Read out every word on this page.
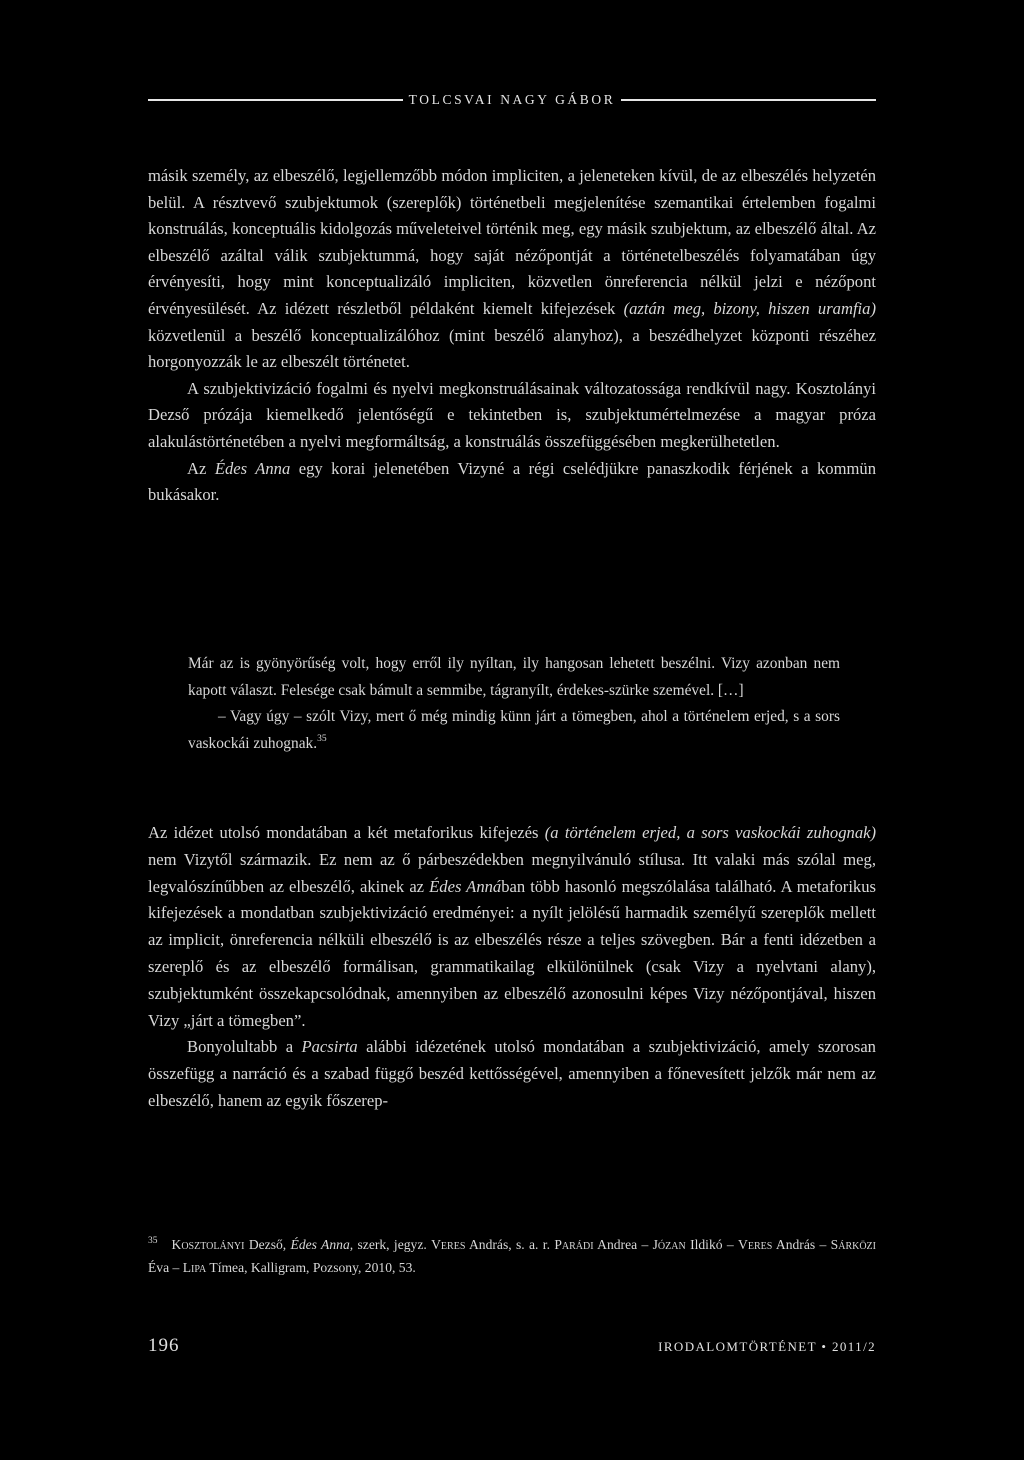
TOLCSVAI NAGY GÁBOR

másik személy, az elbeszélő, legjellemzőbb módon impliciten, a jeleneteken kívül, de az elbeszélés helyzetén belül. A résztvevő szubjektumok (szereplők) történetbeli megjelenítése szemantikai értelemben fogalmi konstruálás, konceptuális kidolgozás műveleteivel történik meg, egy másik szubjektum, az elbeszélő által. Az elbeszélő azáltal válik szubjektummá, hogy saját nézőpontját a történetelbeszélés folyamatában úgy érvényesíti, hogy mint konceptualizáló impliciten, közvetlen önreferencia nélkül jelzi e nézőpont érvényesülését. Az idézett részletből példaként kiemelt kifejezések (aztán meg, bizony, hiszen uramfia) közvetlenül a beszélő konceptualizálóhoz (mint beszélő alanyhoz), a beszédhelyzet központi részéhez horgonyozzák le az elbeszélt történetet.

A szubjektivizáció fogalmi és nyelvi megkonstruálásainak változatossága rendkívül nagy. Kosztolányi Dezső prózája kiemelkedő jelentőségű e tekintetben is, szubjektumértelmezése a magyar próza alakulástörténetében a nyelvi megformáltság, a konstruálás összefüggésében megkerülhetetlen.

Az Édes Anna egy korai jelenetében Vizyné a régi cselédjükre panaszkodik férjének a kommün bukásakor.

Már az is gyönyörűség volt, hogy erről ily nyíltan, ily hangosan lehetett beszélni. Vizy azonban nem kapott választ. Felesége csak bámult a semmibe, tágranyílt, érdekes-szürke szemével. […]

– Vagy úgy – szólt Vizy, mert ő még mindig künn járt a tömegben, ahol a történelem erjed, s a sors vaskockái zuhognak.$^{35}$

Az idézet utolsó mondatában a két metaforikus kifejezés (a történelem erjed, a sors vaskockái zuhognak) nem Vizytől származik. Ez nem az ő párbeszédekben megnyilvánuló stílusa. Itt valaki más szólal meg, legvalószínűbben az elbeszélő, akinek az Édes Annában több hasonló megszólalása található. A metaforikus kifejezések a mondatban szubjektivizáció eredményei: a nyílt jelölésű harmadik személyű szereplők mellett az implicit, önreferencia nélküli elbeszélő is az elbeszélés része a teljes szövegben. Bár a fenti idézetben a szereplő és az elbeszélő formálisan, grammatikailag elkülönülnek (csak Vizy a nyelvtani alany), szubjektumként összekapcsolódnak, amennyiben az elbeszélő azonosulni képes Vizy nézőpontjával, hiszen Vizy „járt a tömegben”.

Bonyolultabb a Pacsirta alábbi idézetének utolsó mondatában a szubjektivizáció, amely szorosan összefügg a narráció és a szabad függő beszéd kettősségével, amennyiben a főnevesített jelzők már nem az elbeszélő, hanem az egyik főszerep-

$^{35}$ Kosztolányi Dezső, Édes Anna, szerk, jegyz. Veres András, s. a. r. Parádi Andrea – Józan Ildikó – Veres András – Sárközi Éva – Lipa Tímea, Kalligram, Pozsony, 2010, 53.
196	IRODALOMTÖRTÉNET • 2011/2
